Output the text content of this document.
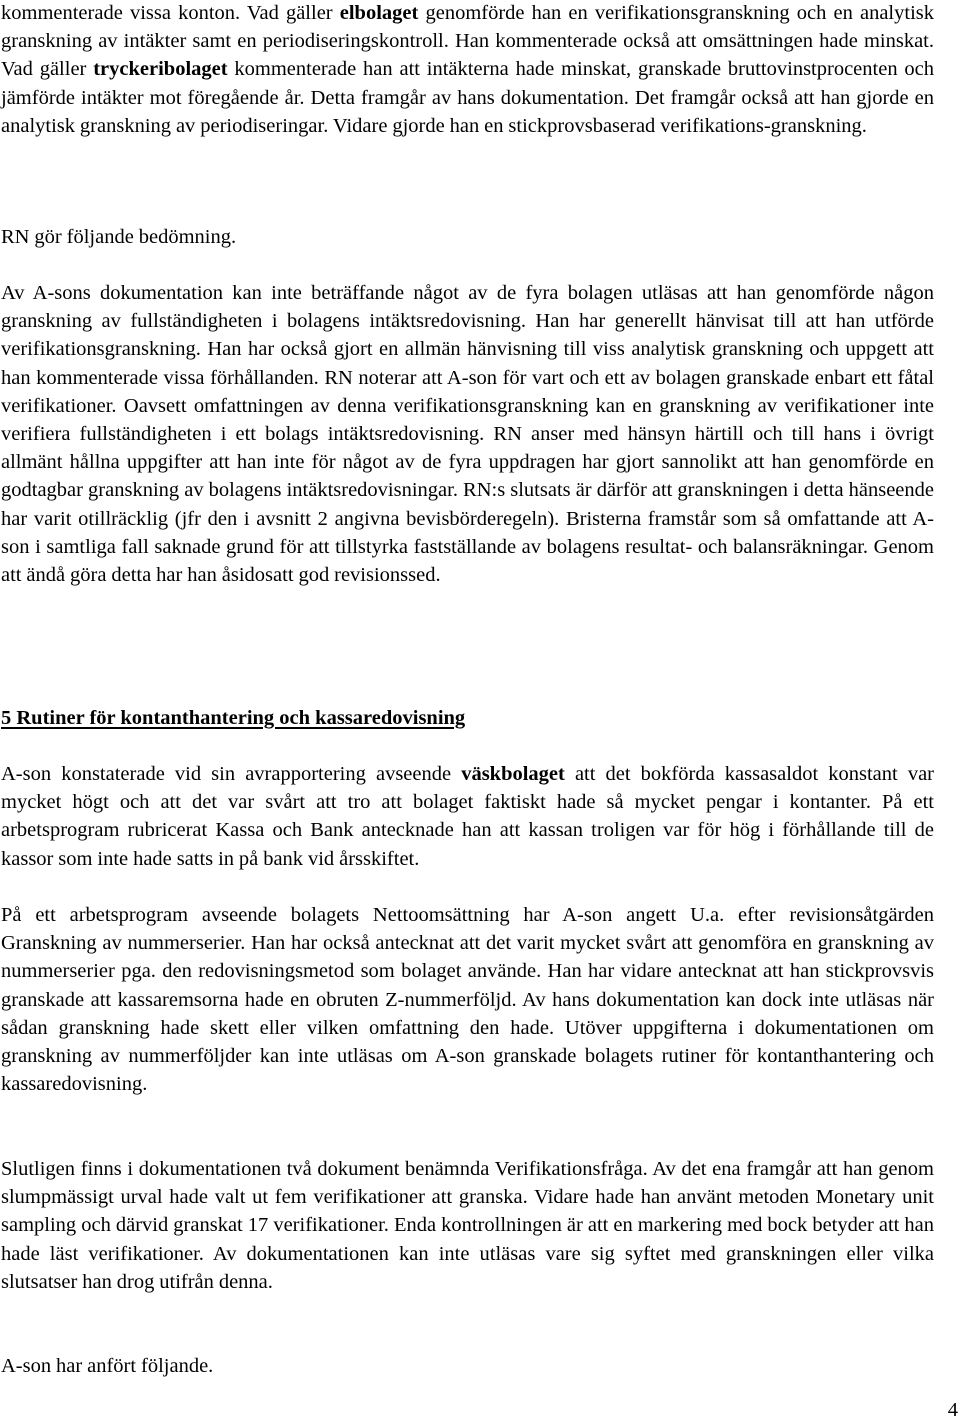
kommenterade vissa konton. Vad gäller elbolaget genomförde han en verifikationsgranskning och en analytisk granskning av intäkter samt en periodiseringskontroll. Han kommenterade också att omsättningen hade minskat. Vad gäller tryckeribolaget kommenterade han att intäkterna hade minskat, granskade bruttovinstprocenten och jämförde intäkter mot föregående år. Detta framgår av hans dokumentation. Det framgår också att han gjorde en analytisk granskning av periodiseringar. Vidare gjorde han en stickprovsbaserad verifikations-granskning.

RN gör följande bedömning.

Av A-sons dokumentation kan inte beträffande något av de fyra bolagen utläsas att han genomförde någon granskning av fullständigheten i bolagens intäktsredovisning. Han har generellt hänvisat till att han utförde verifikationsgranskning. Han har också gjort en allmän hänvisning till viss analytisk granskning och uppgett att han kommenterade vissa förhållanden. RN noterar att A-son för vart och ett av bolagen granskade enbart ett fåtal verifikationer. Oavsett omfattningen av denna verifikationsgranskning kan en granskning av verifikationer inte verifiera fullständigheten i ett bolags intäktsredovisning. RN anser med hänsyn härtill och till hans i övrigt allmänt hållna uppgifter att han inte för något av de fyra uppdragen har gjort sannolikt att han genomförde en godtagbar granskning av bolagens intäktsredovisningar. RN:s slutsats är därför att granskningen i detta hänseende har varit otillräcklig (jfr den i avsnitt 2 angivna bevisbörderegeln). Bristerna framstår som så omfattande att A-son i samtliga fall saknade grund för att tillstyrka fastställande av bolagens resultat- och balansräkningar. Genom att ändå göra detta har han åsidosatt god revisionssed.

5 Rutiner för kontanthantering och kassaredovisning

A-son konstaterade vid sin avrapportering avseende väskbolaget att det bokförda kassasaldot konstant var mycket högt och att det var svårt att tro att bolaget faktiskt hade så mycket pengar i kontanter. På ett arbetsprogram rubricerat Kassa och Bank antecknade han att kassan troligen var för hög i förhållande till de kassor som inte hade satts in på bank vid årsskiftet.

På ett arbetsprogram avseende bolagets Nettoomsättning har A-son angett U.a. efter revisionsåtgärden Granskning av nummerserier. Han har också antecknat att det varit mycket svårt att genomföra en granskning av nummerserier pga. den redovisningsmetod som bolaget använde. Han har vidare antecknat att han stickprovsvis granskade att kassaremsorna hade en obruten Z-nummerföljd. Av hans dokumentation kan dock inte utläsas när sådan granskning hade skett eller vilken omfattning den hade. Utöver uppgifterna i dokumentationen om granskning av nummerföljder kan inte utläsas om A-son granskade bolagets rutiner för kontanthantering och kassaredovisning.

Slutligen finns i dokumentationen två dokument benämnda Verifikationsfråga. Av det ena framgår att han genom slumpmässigt urval hade valt ut fem verifikationer att granska. Vidare hade han använt metoden Monetary unit sampling och därvid granskat 17 verifikationer. Enda kontrollningen är att en markering med bock betyder att han hade läst verifikationer. Av dokumentationen kan inte utläsas vare sig syftet med granskningen eller vilka slutsatser han drog utifrån denna.

A-son har anfört följande.

4
